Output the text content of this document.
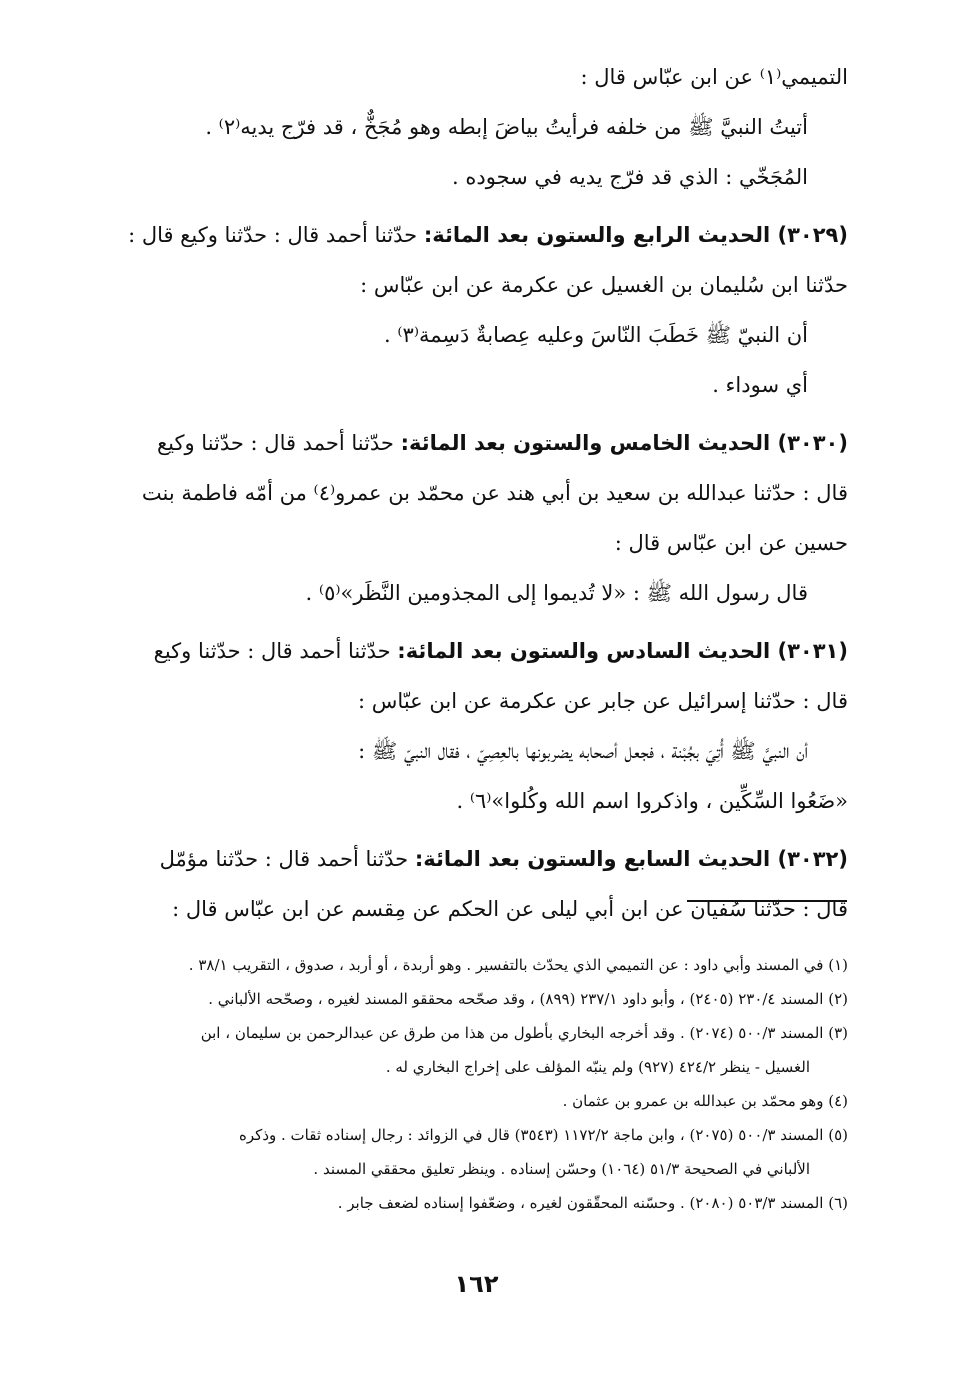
التميمي⁽١⁾ عن ابن عبّاس قال :
أتيتُ النبيَّ ﷺ من خلفه فرأيتُ بياضَ إبطه وهو مُجَخٌّ ، قد فرّج يديه⁽٢⁾ .
المُجَخّي : الذي قد فرّج يديه في سجوده .
(٣٠٢٩) الحديث الرابع والستون بعد المائة: حدّثنا أحمد قال : حدّثنا وكيع قال :
حدّثنا ابن سُليمان بن الغسيل عن عكرمة عن ابن عبّاس :
أن النبيّ ﷺ خَطَبَ النّاسَ وعليه عِصابةٌ دَسِمة⁽٣⁾ .
أي سوداء .
(٣٠٣٠) الحديث الخامس والستون بعد المائة: حدّثنا أحمد قال : حدّثنا وكيع
قال : حدّثنا عبدالله بن سعيد بن أبي هند عن محمّد بن عمرو⁽٤⁾ من أمّه فاطمة بنت
حسين عن ابن عبّاس قال :
قال رسول الله ﷺ : «لا تُديموا إلى المجذومين النَّظَر»⁽٥⁾ .
(٣٠٣١) الحديث السادس والستون بعد المائة: حدّثنا أحمد قال : حدّثنا وكيع
قال : حدّثنا إسرائيل عن جابر عن عكرمة عن ابن عبّاس :
أن النبيَّ ﷺ أُتِيَ بجُبْنة ، فجعل أصحابه يضربونها بالعِصِيّ ، فقال النبيّ ﷺ :
«ضَعُوا السِّكِّين ، واذكروا اسم الله وكُلوا»⁽٦⁾ .
(٣٠٣٢) الحديث السابع والستون بعد المائة: حدّثنا أحمد قال : حدّثنا مؤمّل
قال : حدّثنا سُفيان عن ابن أبي ليلى عن الحكم عن مِقسم عن ابن عبّاس قال :
(١) في المسند وأبي داود : عن التميمي الذي يحدّث بالتفسير . وهو أربدة ، أو أربد ، صدوق ، التقريب ٣٨/١ .
(٢) المسند ٢٣٠/٤ (٢٤٠٥) ، وأبو داود ٢٣٧/١ (٨٩٩) ، وقد صحّحه محققو المسند لغيره ، وصحّحه الألباني .
(٣) المسند ٥٠٠/٣ (٢٠٧٤) . وقد أخرجه البخاري بأطول من هذا من طرق عن عبدالرحمن بن سليمان ، ابن
الغسيل - ينظر ٤٢٤/٢ (٩٢٧) ولم ينبّه المؤلف على إخراج البخاري له .
(٤) وهو محمّد بن عبدالله بن عمرو بن عثمان .
(٥) المسند ٥٠٠/٣ (٢٠٧٥) ، وابن ماجة ١١٧٢/٢ (٣٥٤٣) قال في الزوائد : رجال إسناده ثقات . وذكره
الألباني في الصحيحة ٥١/٣ (١٠٦٤) وحسّن إسناده . وينظر تعليق محققي المسند .
(٦) المسند ٥٠٣/٣ (٢٠٨٠) . وحسّنه المحقّقون لغيره ، وضعّفوا إسناده لضعف جابر .
١٦٢
